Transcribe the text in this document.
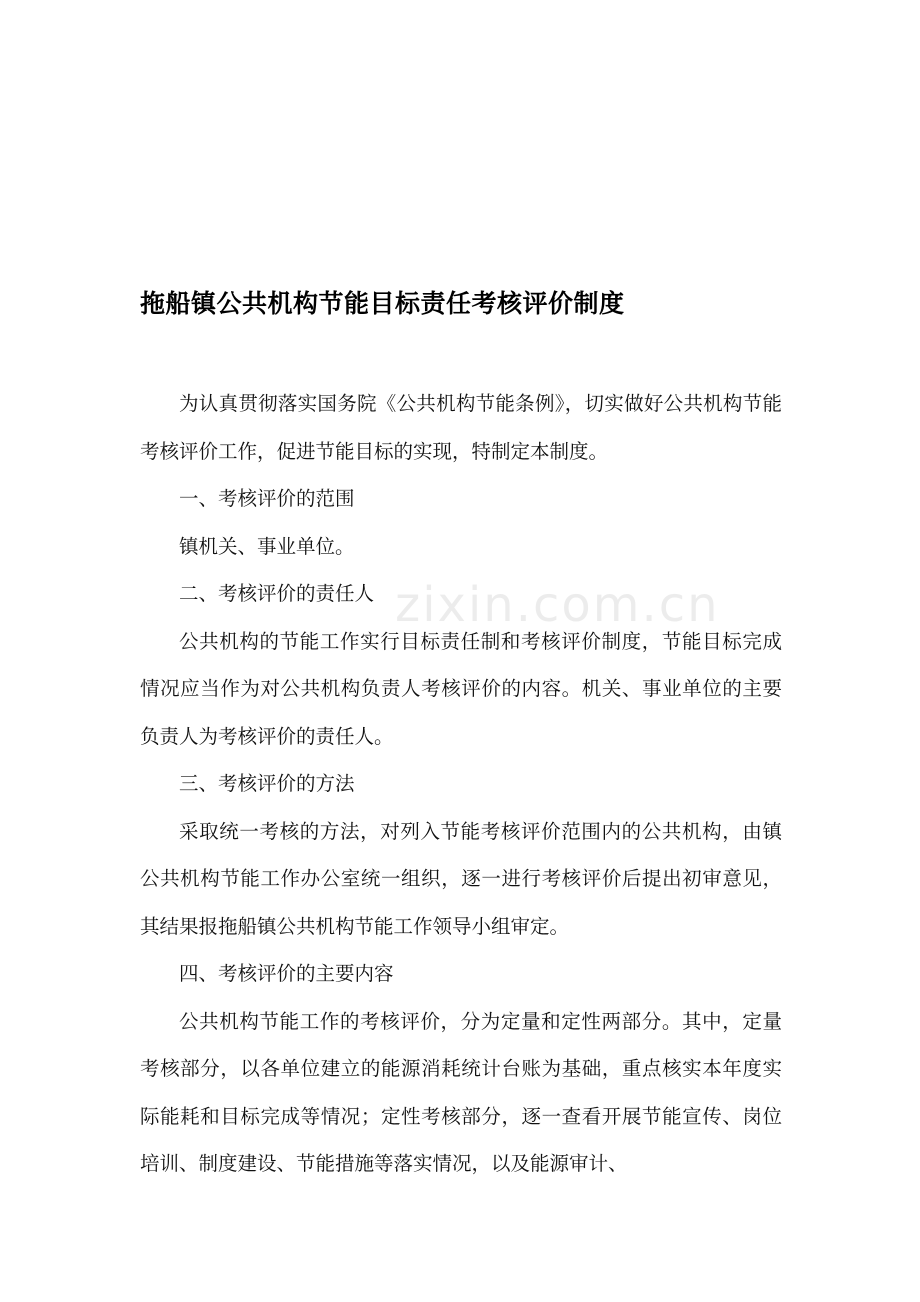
zixin.com.cn
拖船镇公共机构节能目标责任考核评价制度

为认真贯彻落实国务院《公共机构节能条例》，切实做好公共机构节能考核评价工作，促进节能目标的实现，特制定本制度。

一、考核评价的范围

镇机关、事业单位。

二、考核评价的责任人

公共机构的节能工作实行目标责任制和考核评价制度，节能目标完成情况应当作为对公共机构负责人考核评价的内容。机关、事业单位的主要负责人为考核评价的责任人。

三、考核评价的方法

采取统一考核的方法，对列入节能考核评价范围内的公共机构，由镇公共机构节能工作办公室统一组织，逐一进行考核评价后提出初审意见，其结果报拖船镇公共机构节能工作领导小组审定。

四、考核评价的主要内容

公共机构节能工作的考核评价，分为定量和定性两部分。其中，定量考核部分，以各单位建立的能源消耗统计台账为基础，重点核实本年度实际能耗和目标完成等情况；定性考核部分，逐一查看开展节能宣传、岗位培训、制度建设、节能措施等落实情况，以及能源审计、
